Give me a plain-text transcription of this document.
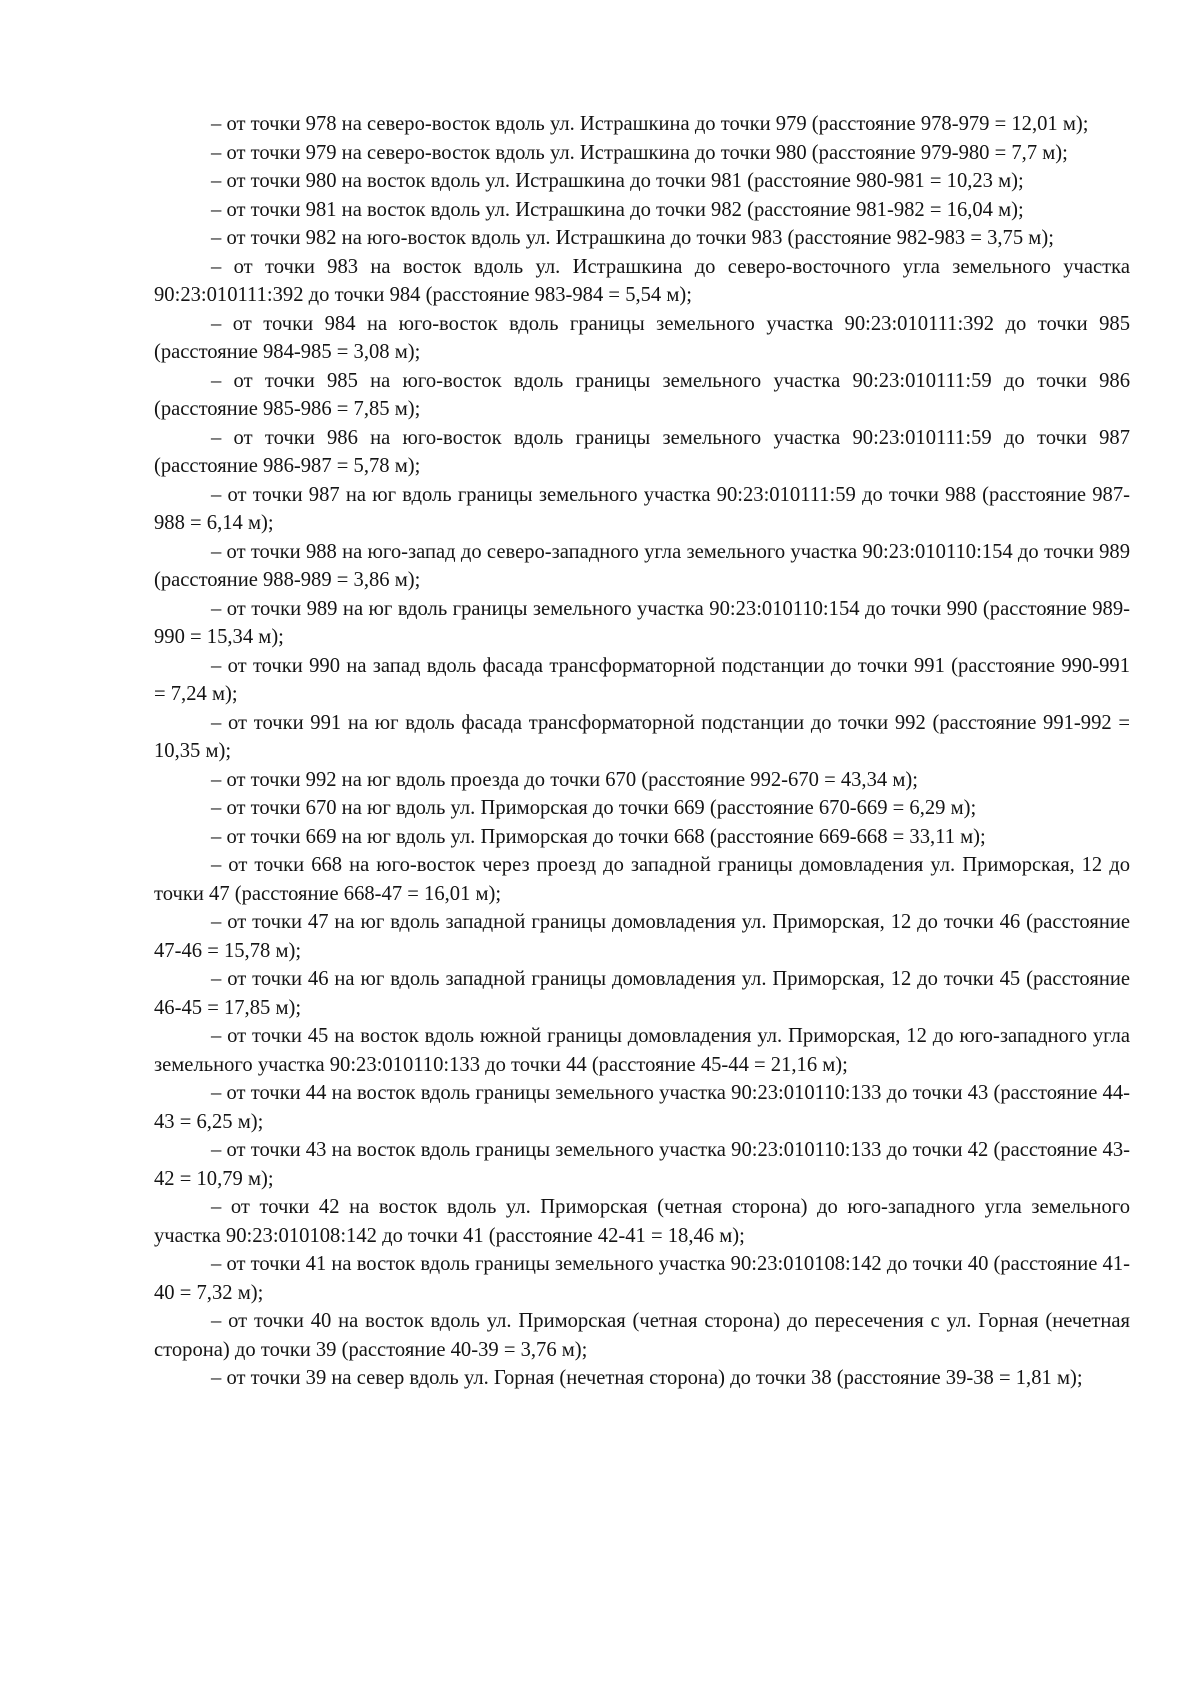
– от точки 978 на северо-восток вдоль ул. Истрашкина до точки 979 (расстояние 978-979 = 12,01 м);

– от точки 979 на северо-восток вдоль ул. Истрашкина до точки 980 (расстояние 979-980 = 7,7 м);

– от точки 980 на восток вдоль ул. Истрашкина до точки 981 (расстояние 980-981 = 10,23 м);

– от точки 981 на восток вдоль ул. Истрашкина до точки 982 (расстояние 981-982 = 16,04 м);

– от точки 982 на юго-восток вдоль ул. Истрашкина до точки 983 (расстояние 982-983 = 3,75 м);

– от точки 983 на восток вдоль ул. Истрашкина до северо-восточного угла земельного участка 90:23:010111:392 до точки 984 (расстояние 983-984 = 5,54 м);

– от точки 984 на юго-восток вдоль границы земельного участка 90:23:010111:392 до точки 985 (расстояние 984-985 = 3,08 м);

– от точки 985 на юго-восток вдоль границы земельного участка 90:23:010111:59 до точки 986 (расстояние 985-986 = 7,85 м);

– от точки 986 на юго-восток вдоль границы земельного участка 90:23:010111:59 до точки 987 (расстояние 986-987 = 5,78 м);

– от точки 987 на юг вдоль границы земельного участка 90:23:010111:59 до точки 988 (расстояние 987-988 = 6,14 м);

– от точки 988 на юго-запад до северо-западного угла земельного участка 90:23:010110:154 до точки 989 (расстояние 988-989 = 3,86 м);

– от точки 989 на юг вдоль границы земельного участка 90:23:010110:154 до точки 990 (расстояние 989-990 = 15,34 м);

– от точки 990 на запад вдоль фасада трансформаторной подстанции до точки 991 (расстояние 990-991 = 7,24 м);

– от точки 991 на юг вдоль фасада трансформаторной подстанции до точки 992 (расстояние 991-992 = 10,35 м);

– от точки 992 на юг вдоль проезда до точки 670 (расстояние 992-670 = 43,34 м);

– от точки 670 на юг вдоль ул. Приморская до точки 669 (расстояние 670-669 = 6,29 м);

– от точки 669 на юг вдоль ул. Приморская до точки 668 (расстояние 669-668 = 33,11 м);

– от точки 668 на юго-восток через проезд до западной границы домовладения ул. Приморская, 12 до точки 47 (расстояние 668-47 = 16,01 м);

– от точки 47 на юг вдоль западной границы домовладения ул. Приморская, 12 до точки 46 (расстояние 47-46 = 15,78 м);

– от точки 46 на юг вдоль западной границы домовладения ул. Приморская, 12 до точки 45 (расстояние 46-45 = 17,85 м);

– от точки 45 на восток вдоль южной границы домовладения ул. Приморская, 12 до юго-западного угла земельного участка 90:23:010110:133 до точки 44 (расстояние 45-44 = 21,16 м);

– от точки 44 на восток вдоль границы земельного участка 90:23:010110:133 до точки 43 (расстояние 44-43 = 6,25 м);

– от точки 43 на восток вдоль границы земельного участка 90:23:010110:133 до точки 42 (расстояние 43-42 = 10,79 м);

– от точки 42 на восток вдоль ул. Приморская (четная сторона) до юго-западного угла земельного участка 90:23:010108:142 до точки 41 (расстояние 42-41 = 18,46 м);

– от точки 41 на восток вдоль границы земельного участка 90:23:010108:142 до точки 40 (расстояние 41-40 = 7,32 м);

– от точки 40 на восток вдоль ул. Приморская (четная сторона) до пересечения с ул. Горная (нечетная сторона) до точки 39 (расстояние 40-39 = 3,76 м);

– от точки 39 на север вдоль ул. Горная (нечетная сторона) до точки 38 (расстояние 39-38 = 1,81 м);
